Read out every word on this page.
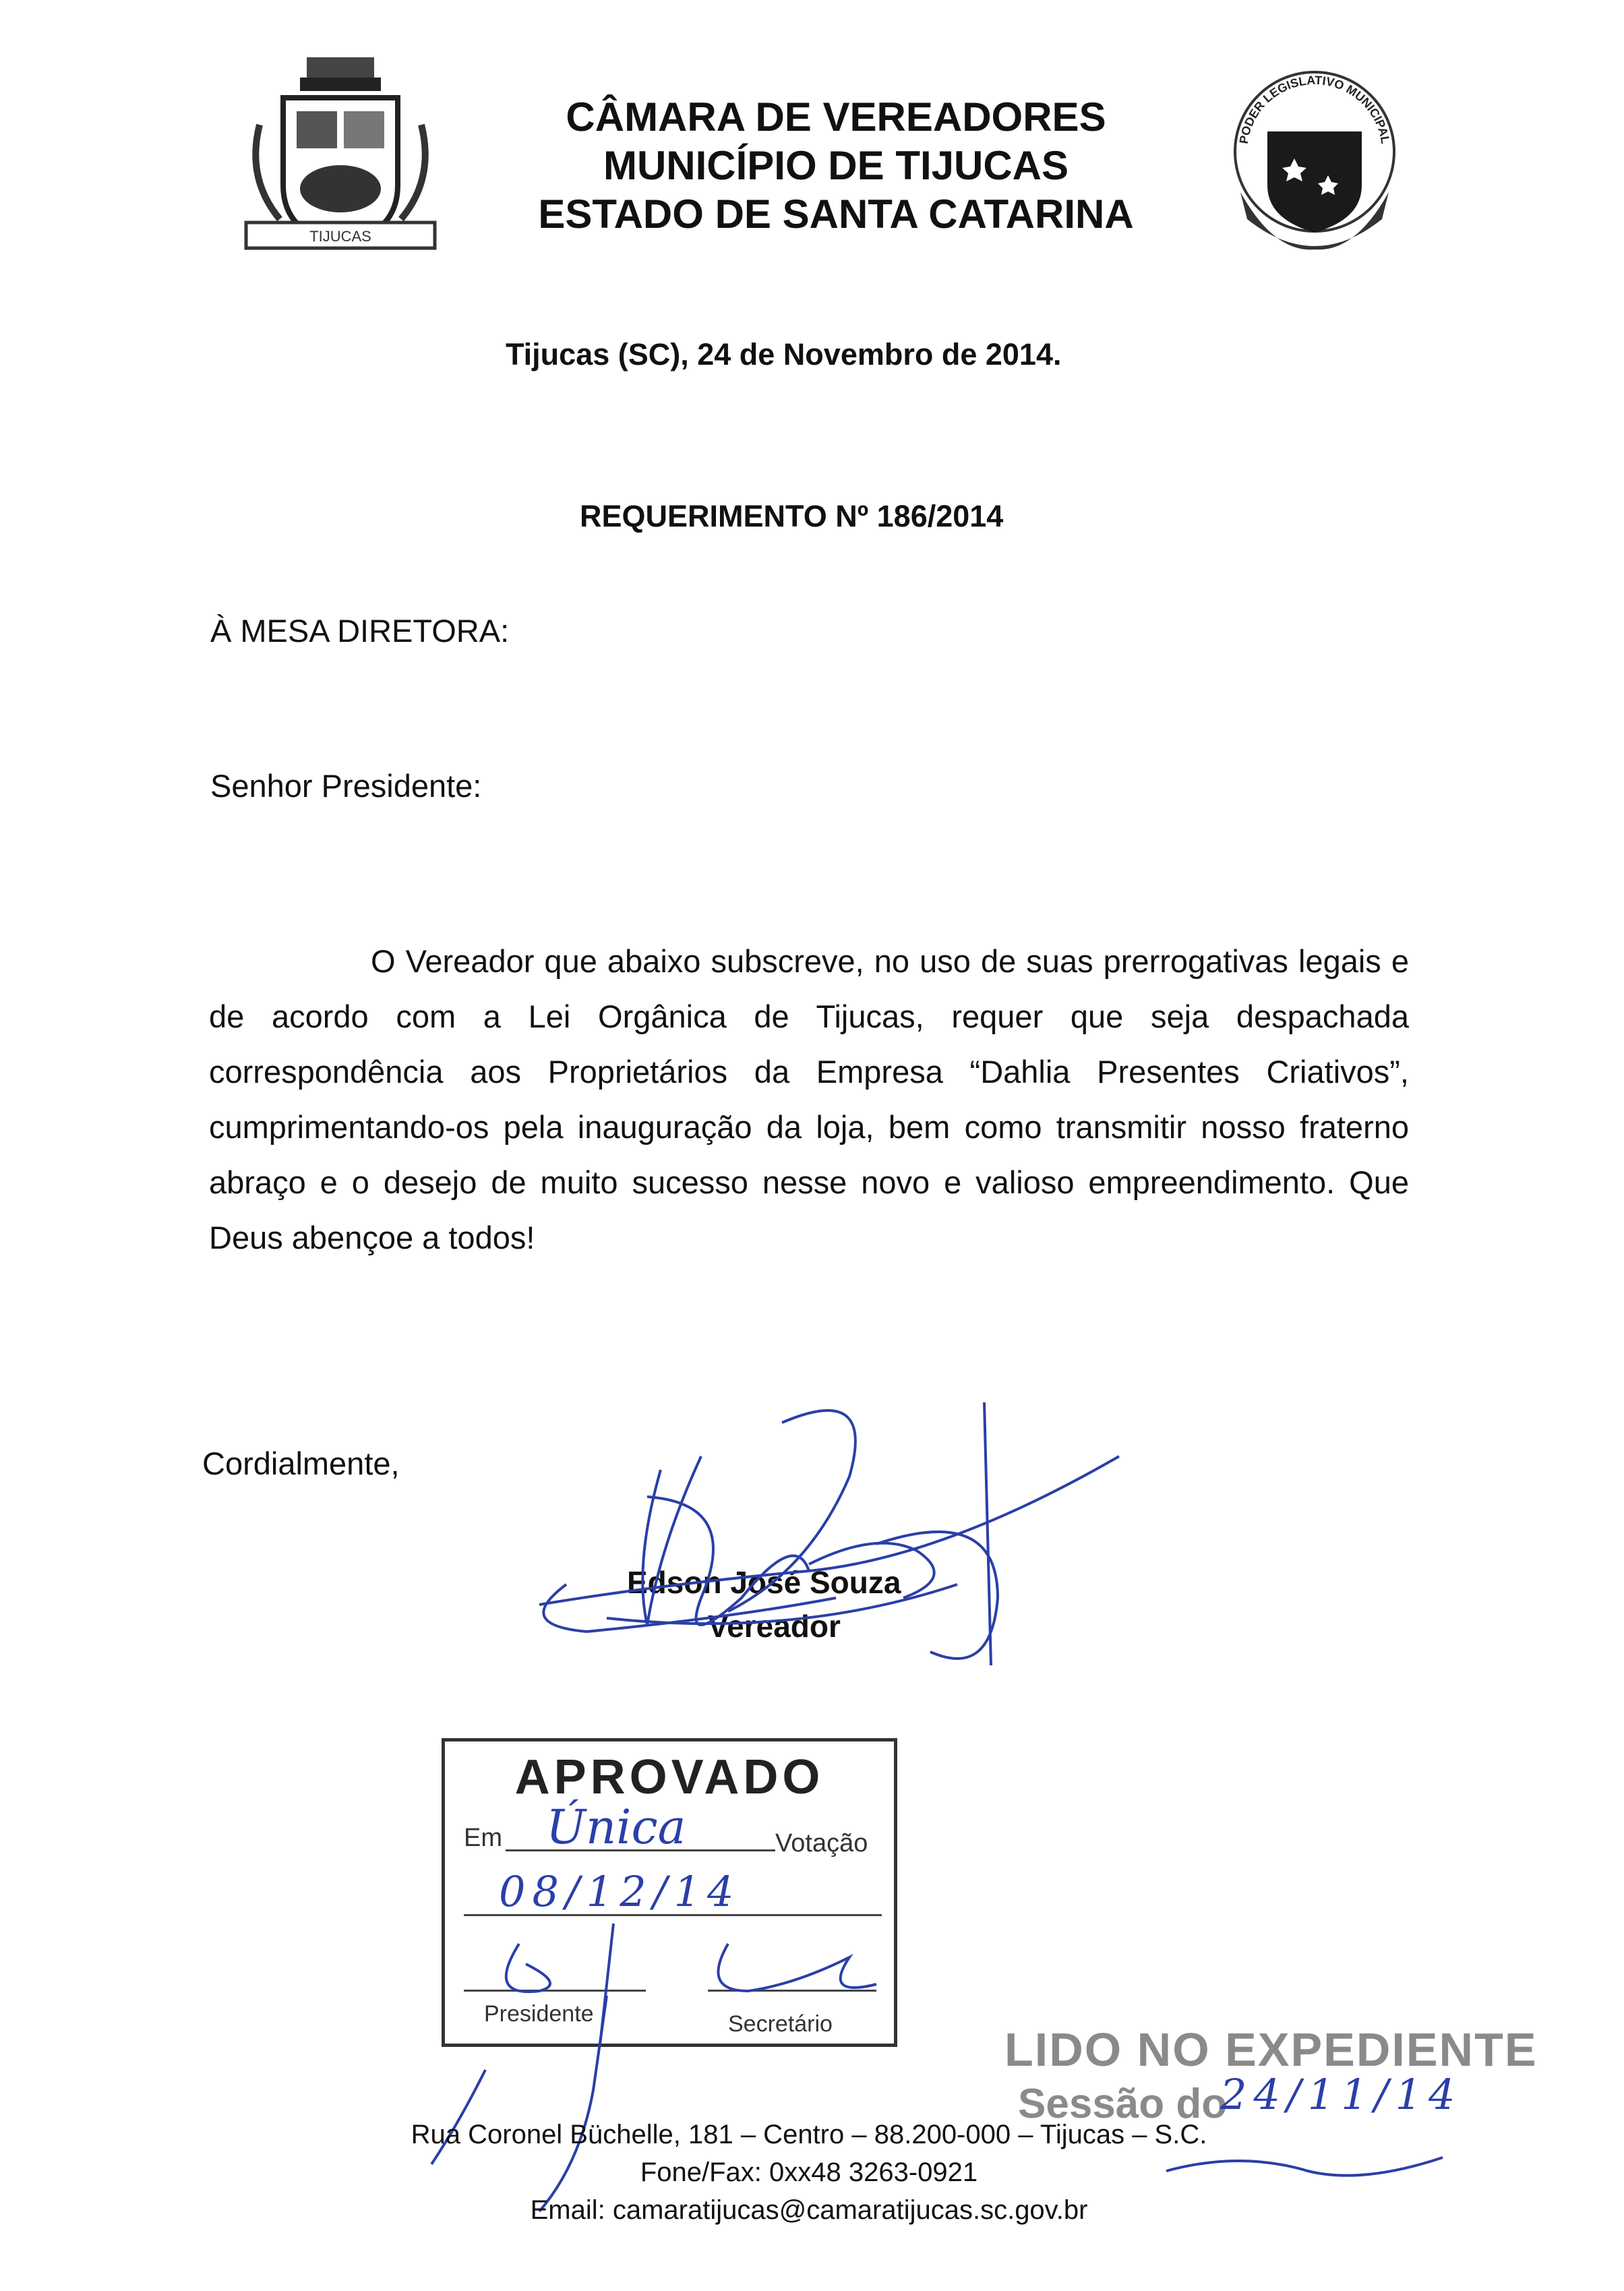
TIJUCAS
CÂMARA DE VEREADORES
MUNICÍPIO DE TIJUCAS
ESTADO DE SANTA CATARINA
PODER LEGISLATIVO MUNICIPAL
Tijucas (SC), 24 de Novembro de 2014.
REQUERIMENTO Nº 186/2014
À MESA DIRETORA:
Senhor Presidente:
O Vereador que abaixo subscreve, no uso de suas prerrogativas legais e de acordo com a Lei Orgânica de Tijucas, requer que seja despachada correspondência aos Proprietários da Empresa “Dahlia Presentes Criativos”, cumprimentando-os pela inauguração da loja, bem como transmitir nosso fraterno abraço e o desejo de muito sucesso nesse novo e valioso empreendimento. Que Deus abençoe a todos!
Cordialmente,
Edson José Souza
Vereador
APROVADO
Em	Votação
Única
08/12/14
Presidente	Secretário	LIDO NO EXPEDIENTE
Sessão do
24/11/14
Rua Coronel Büchelle, 181 – Centro – 88.200-000 – Tijucas – S.C.
Fone/Fax: 0xx48 3263-0921
Email: camaratijucas@camaratijucas.sc.gov.br
